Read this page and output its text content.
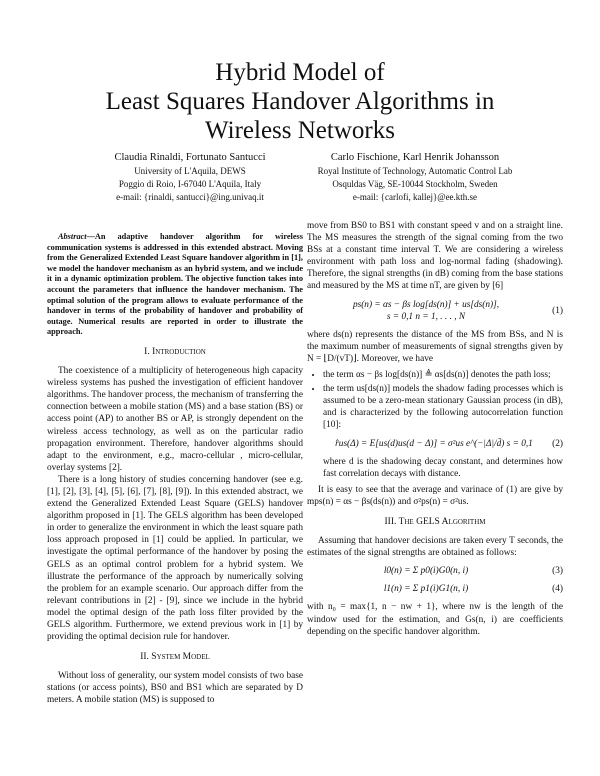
Hybrid Model of
Least Squares Handover Algorithms in
Wireless Networks
Claudia Rinaldi, Fortunato Santucci
University of L'Aquila, DEWS
Poggio di Roio, I-67040 L'Aquila, Italy
e-mail: {rinaldi, santucci}@ing.univaq.it
Carlo Fischione, Karl Henrik Johansson
Royal Institute of Technology, Automatic Control Lab
Osquldas Väg, SE-10044 Stockholm, Sweden
e-mail: {carlofi, kallej}@ee.kth.se

Abstract—An adaptive handover algorithm for wireless communication systems is addressed in this extended abstract. Moving from the Generalized Extended Least Square handover algorithm in [1], we model the handover mechanism as an hybrid system, and we include it in a dynamic optimization problem. The objective function takes into account the parameters that influence the handover mechanism. The optimal solution of the program allows to evaluate performance of the handover in terms of the probability of handover and probability of outage. Numerical results are reported in order to illustrate the approach.

I. Introduction

The coexistence of a multiplicity of heterogeneous high capacity wireless systems has pushed the investigation of efficient handover algorithms. The handover process, the mechanism of transferring the connection between a mobile station (MS) and a base station (BS) or access point (AP) to another BS or AP, is strongly dependent on the wireless access technology, as well as on the particular radio propagation environment. Therefore, handover algorithms should adapt to the environment, e.g., macro-cellular , micro-cellular, overlay systems [2].

There is a long history of studies concerning handover (see e.g. [1], [2], [3], [4], [5], [6], [7], [8], [9]). In this extended abstract, we extend the Generalized Extended Least Square (GELS) handover algorithm proposed in [1]. The GELS algorithm has been developed in order to generalize the environment in which the least square path loss approach proposed in [1] could be applied. In particular, we investigate the optimal performance of the handover by posing the GELS as an optimal control problem for a hybrid system. We illustrate the performance of the approach by numerically solving the problem for an example scenario. Our approach differ from the relevant contributions in [2] - [9], since we include in the hybrid model the optimal design of the path loss filter provided by the GELS algorithm. Furthermore, we extend previous work in [1] by providing the optimal decision rule for handover.

II. System Model

Without loss of generality, our system model consists of two base stations (or access points), BS0 and BS1 which are separated by D meters. A mobile station (MS) is supposed to

move from BS0 to BS1 with constant speed v and on a straight line. The MS measures the strength of the signal coming from the two BSs at a constant time interval T. We are considering a wireless environment with path loss and log-normal fading (shadowing). Therefore, the signal strengths (in dB) coming from the base stations and measured by the MS at time nT, are given by [6]

ps(n) = αs − βs log[ds(n)] + us[ds(n)],
s = 0,1 n = 1, . . . , N
(1)

where ds(n) represents the distance of the MS from BSs, and N is the maximum number of measurements of signal strengths given by N = ⌊D/(vT)⌋. Moreover, we have

• the term αs − βs log[ds(n)] ≜ αs[ds(n)] denotes the path loss;
• the term us[ds(n)] models the shadow fading processes which is assumed to be a zero-mean stationary Gaussian process (in dB), and is characterized by the following autocorrelation function [10]:
r̂us(Δ) = E[us(d)us(d − Δ)] = σ²us e^(−|Δ|/d̄) s = 0,1	(2)
where d is the shadowing decay constant, and determines how fast correlation decays with distance.

It is easy to see that the average and varinace of (1) are give by mps(n) = αs − βs(ds(n)) and σ²ps(n) = σ²us.

III. The GELS Algorithm

Assuming that handover decisions are taken every T seconds, the estimates of the signal strengths are obtained as follows:

l0(n) = Σ p0(i)G0(n, i)	(3)
l1(n) = Σ p1(i)G1(n, i)	(4)

with n₀ = max{1, n − nw + 1}, where nw is the length of the window used for the estimation, and Gs(n, i) are coefficients depending on the specific handover algorithm.
